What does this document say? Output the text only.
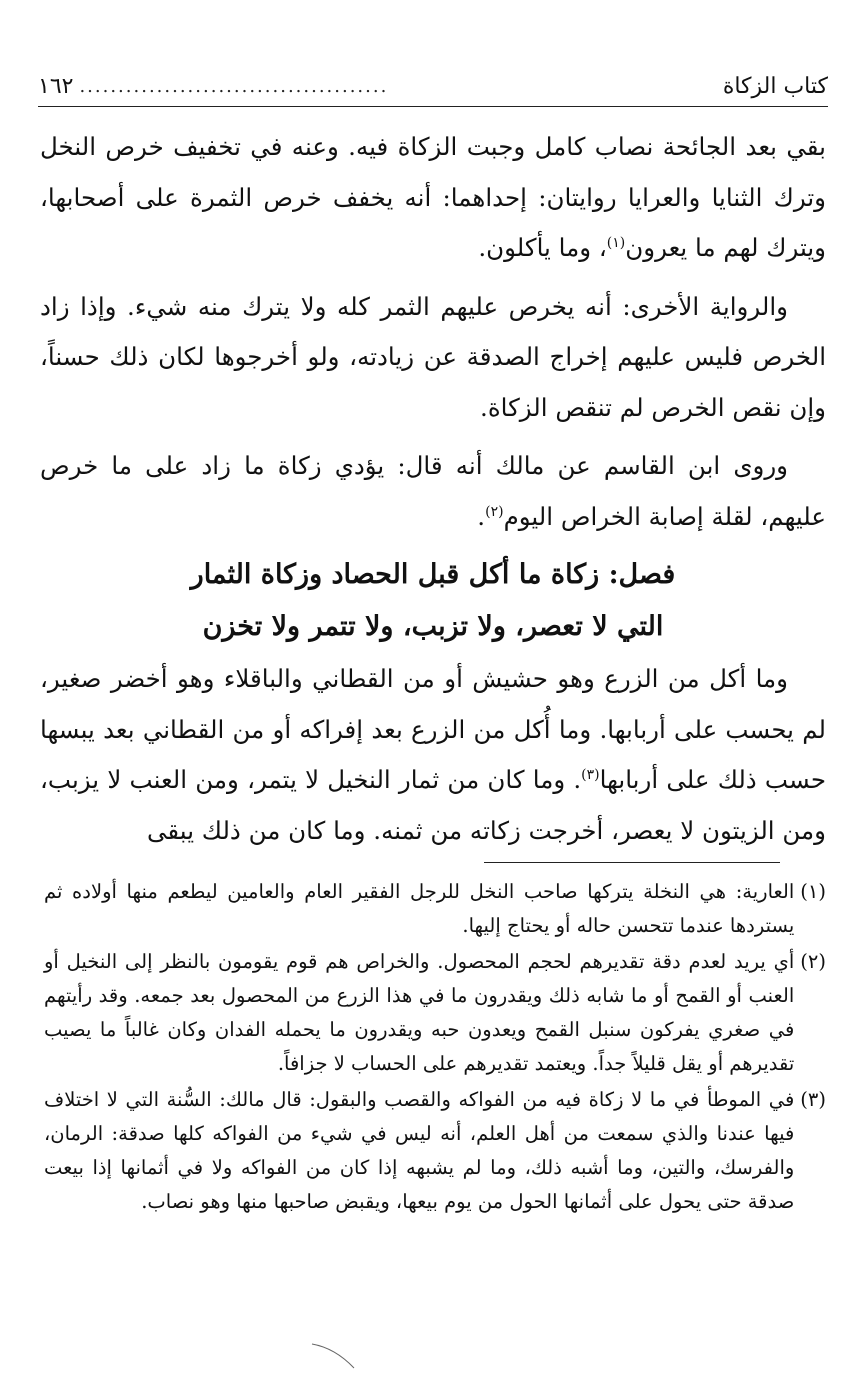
كتاب الزكاة
........................................
١٦٢

بقي بعد الجائحة نصاب كامل وجبت الزكاة فيه. وعنه في تخفيف خرص النخل وترك الثنايا والعرايا روايتان: إحداهما: أنه يخفف خرص الثمرة على أصحابها، ويترك لهم ما يعرون$^{(١)}$، وما يأكلون.

والرواية الأخرى: أنه يخرص عليهم الثمر كله ولا يترك منه شيء. وإذا زاد الخرص فليس عليهم إخراج الصدقة عن زيادته، ولو أخرجوها لكان ذلك حسناً، وإن نقص الخرص لم تنقص الزكاة.

وروى ابن القاسم عن مالك أنه قال: يؤدي زكاة ما زاد على ما خرص عليهم، لقلة إصابة الخراص اليوم$^{(٢)}$.

فصل: زكاة ما أكل قبل الحصاد وزكاة الثمار
التي لا تعصر، ولا تزبب، ولا تتمر ولا تخزن

وما أكل من الزرع وهو حشيش أو من القطاني والباقلاء وهو أخضر صغير، لم يحسب على أربابها. وما أُكل من الزرع بعد إفراكه أو من القطاني بعد يبسها حسب ذلك على أربابها$^{(٣)}$. وما كان من ثمار النخيل لا يتمر، ومن العنب لا يزبب، ومن الزيتون لا يعصر، أخرجت زكاته من ثمنه. وما كان من ذلك يبقى

(١)
العارية: هي النخلة يتركها صاحب النخل للرجل الفقير العام والعامين ليطعم منها أولاده ثم يستردها عندما تتحسن حاله أو يحتاج إليها.
(٢)
أي يريد لعدم دقة تقديرهم لحجم المحصول. والخراص هم قوم يقومون بالنظر إلى النخيل أو العنب أو القمح أو ما شابه ذلك ويقدرون ما في هذا الزرع من المحصول بعد جمعه. وقد رأيتهم في صغري يفركون سنبل القمح ويعدون حبه ويقدرون ما يحمله الفدان وكان غالباً ما يصيب تقديرهم أو يقل قليلاً جداً. ويعتمد تقديرهم على الحساب لا جزافاً.
(٣)
في الموطأ في ما لا زكاة فيه من الفواكه والقصب والبقول: قال مالك: السُّنة التي لا اختلاف فيها عندنا والذي سمعت من أهل العلم، أنه ليس في شيء من الفواكه كلها صدقة: الرمان، والفرسك، والتين، وما أشبه ذلك، وما لم يشبهه إذا كان من الفواكه ولا في أثمانها إذا بيعت صدقة حتى يحول على أثمانها الحول من يوم بيعها، ويقبض صاحبها منها وهو نصاب.
